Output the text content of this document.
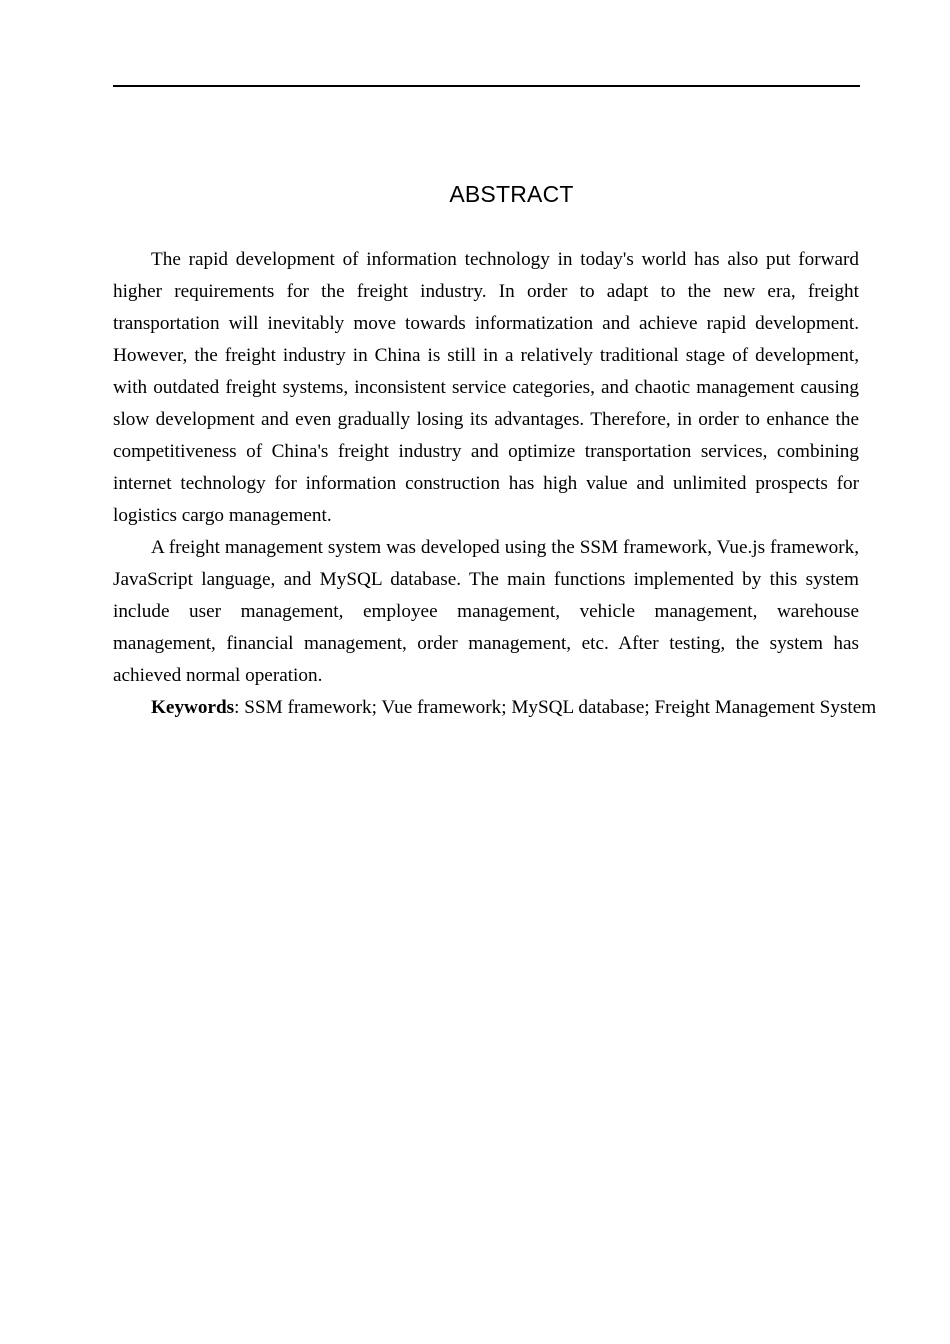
ABSTRACT

The rapid development of information technology in today's world has also put forward higher requirements for the freight industry. In order to adapt to the new era, freight transportation will inevitably move towards informatization and achieve rapid development. However, the freight industry in China is still in a relatively traditional stage of development, with outdated freight systems, inconsistent service categories, and chaotic management causing slow development and even gradually losing its advantages. Therefore, in order to enhance the competitiveness of China's freight industry and optimize transportation services, combining internet technology for information construction has high value and unlimited prospects for logistics cargo management.

A freight management system was developed using the SSM framework, Vue.js framework, JavaScript language, and MySQL database. The main functions implemented by this system include user management, employee management, vehicle management, warehouse management, financial management, order management, etc. After testing, the system has achieved normal operation.

Keywords: SSM framework; Vue framework; MySQL database; Freight Management System
